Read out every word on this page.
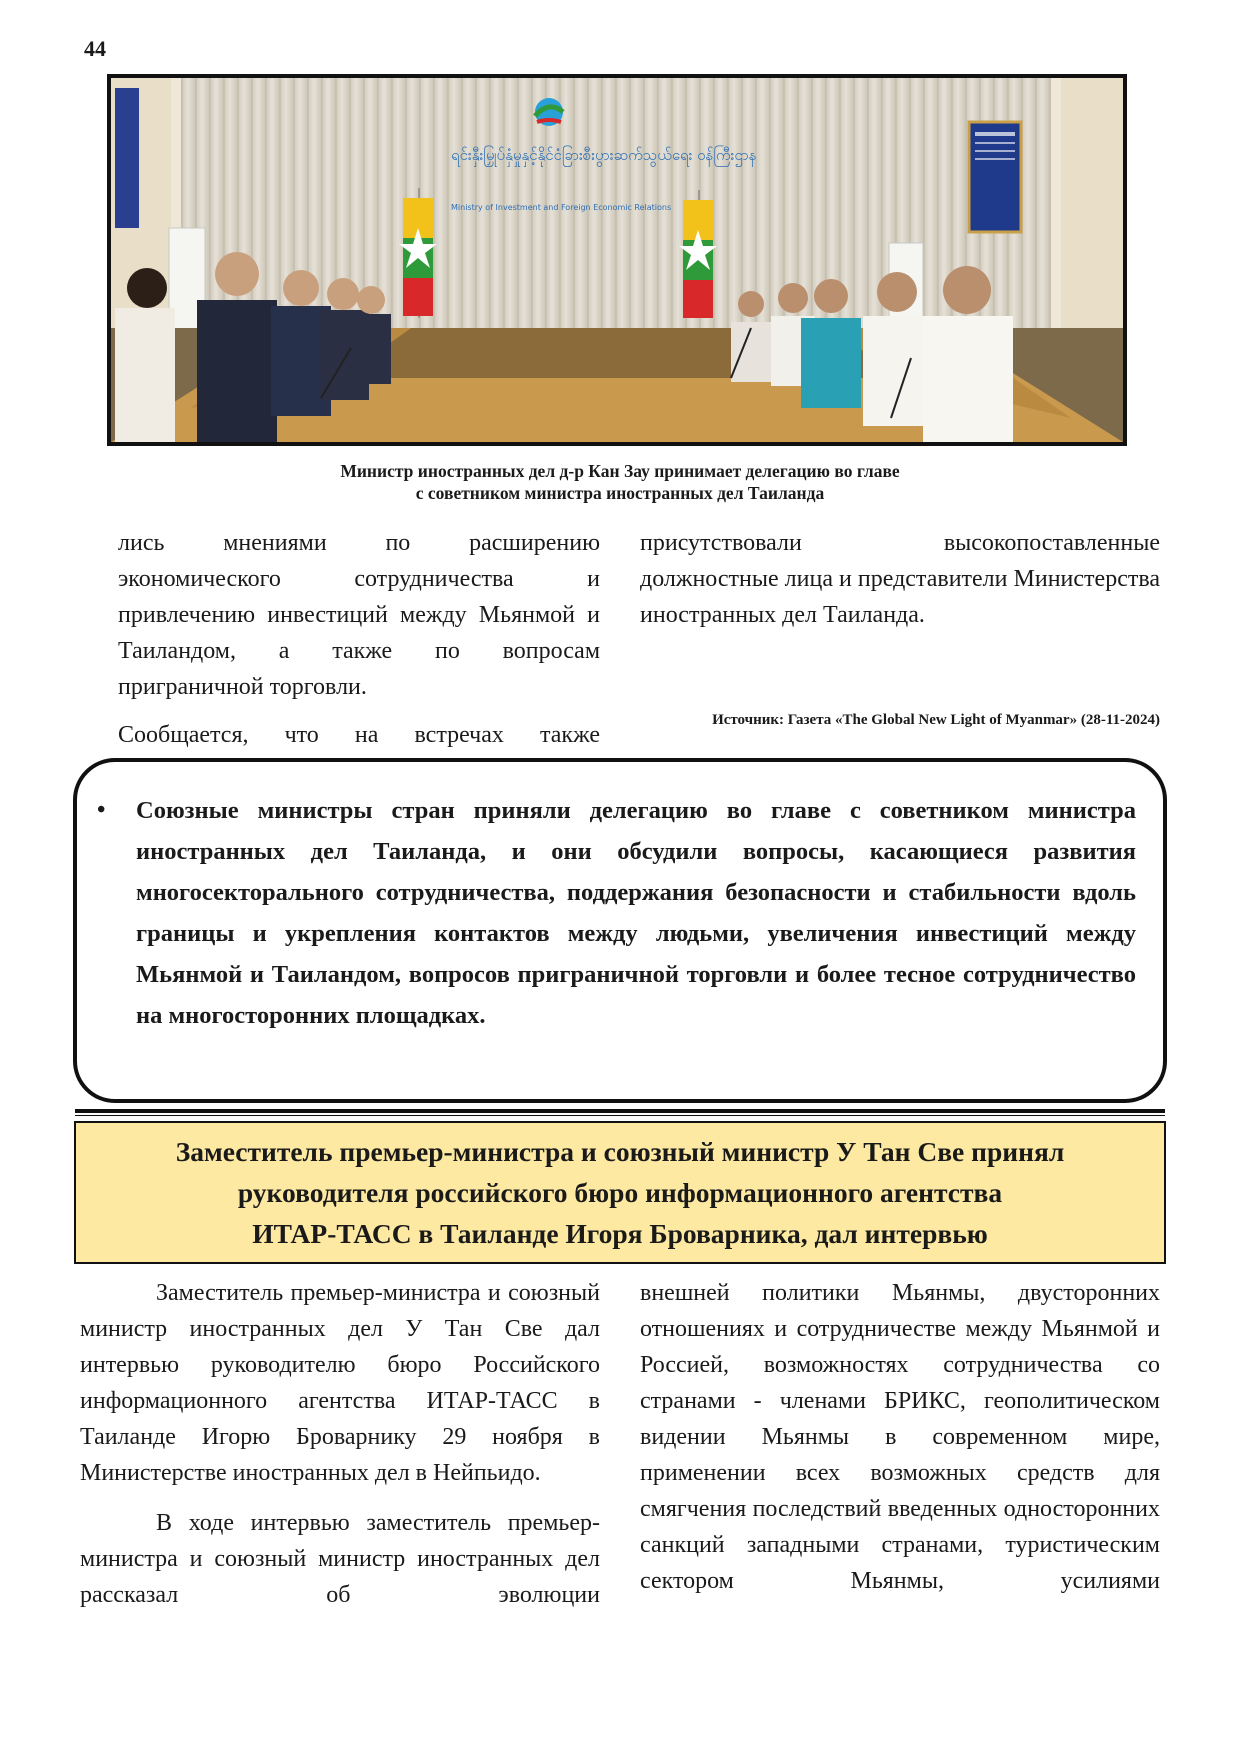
44
ရင်းနှီးမြှုပ်နှံမှုနှင့်နိုင်ငံခြားစီးပွားဆက်သွယ်ရေး ဝန်ကြီးဌာန
Ministry of Investment and Foreign Economic Relations
Министр иностранных дел д-р Кан Зау принимает делегацию во главе
с советником министра иностранных дел Таиланда

лись мнениями по расширению экономического сотрудничества и привлечению инвестиций между Мьянмой и Таиландом, а также по вопросам приграничной торговли.

Сообщается, что на встречах также

присутствовали высокопоставленные должностные лица и представители Министерства иностранных дел Таиланда.

Источник: Газета «The Global New Light of Myanmar» (28-11-2024)
• Союзные министры стран приняли делегацию во главе с советником министра иностранных дел Таиланда, и они обсудили вопросы, касающиеся развития многосекторального сотрудничества, поддержания безопасности и стабильности вдоль границы и укрепления контактов между людьми, увеличения инвестиций между Мьянмой и Таиландом, вопросов приграничной торговли и более тесное сотрудничество на многосторонних площадках.
Заместитель премьер-министра и союзный министр У Тан Све принял
руководителя российского бюро информационного агентства
ИТАР-ТАСС в Таиланде Игоря Броварника, дал интервью

Заместитель премьер-министра и союзный министр иностранных дел У Тан Све дал интервью руководителю бюро Российского информационного агентства ИТАР-ТАСС в Таиланде Игорю Броварнику 29 ноября в Министерстве иностранных дел в Нейпьидо.

В ходе интервью заместитель премьер-министра и союзный министр иностранных дел рассказал об эволюции

внешней политики Мьянмы, двусторонних отношениях и сотрудничестве между Мьянмой и Россией, возможностях сотрудничества со странами - членами БРИКС, геополитическом видении Мьянмы в современном мире, применении всех возможных средств для смягчения последствий введенных односторонних санкций западными странами, туристическим сектором Мьянмы, усилиями
